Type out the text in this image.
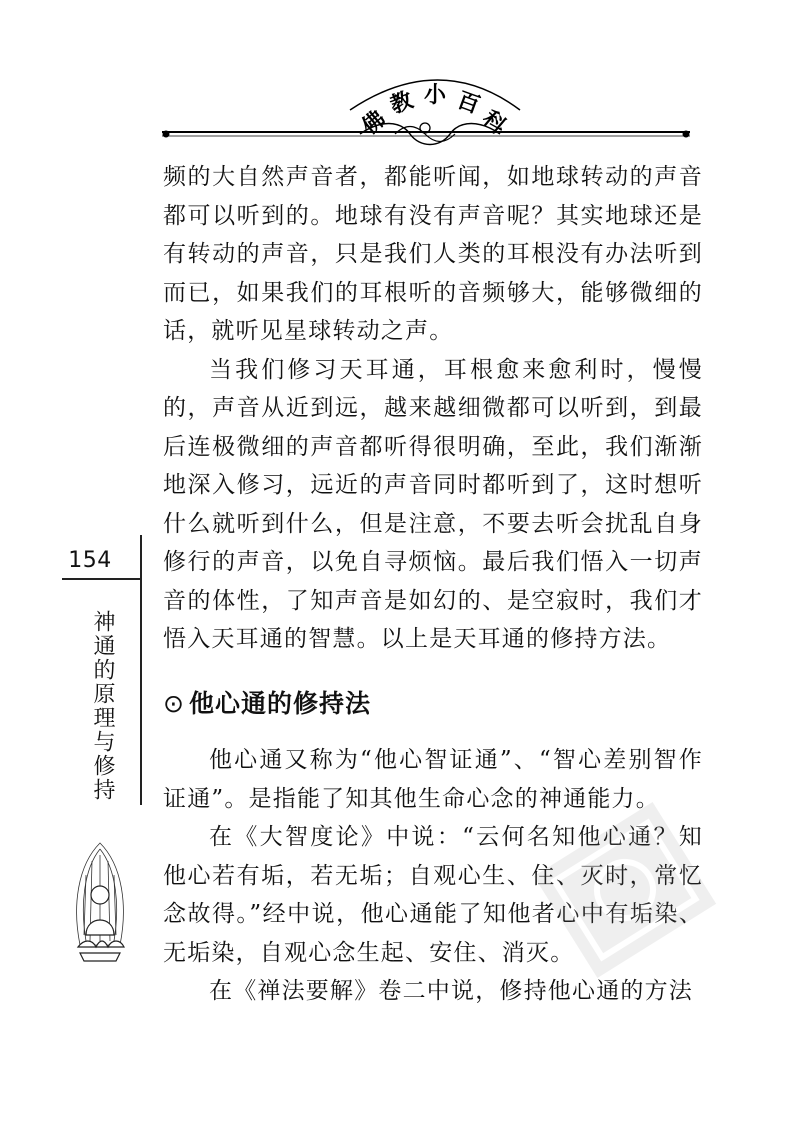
佛
教 小 百
科

频的大自然声音者，都能听闻，如地球转动的声音都可以听到的。地球有没有声音呢？其实地球还是有转动的声音，只是我们人类的耳根没有办法听到而已，如果我们的耳根听的音频够大，能够微细的话，就听见星球转动之声。

当我们修习天耳通，耳根愈来愈利时，慢慢的，声音从近到远，越来越细微都可以听到，到最后连极微细的声音都听得很明确，至此，我们渐渐地深入修习，远近的声音同时都听到了，这时想听什么就听到什么，但是注意，不要去听会扰乱自身修行的声音，以免自寻烦恼。最后我们悟入一切声音的体性，了知声音是如幻的、是空寂时，我们才悟入天耳通的智慧。以上是天耳通的修持方法。

⊙ 他心通的修持法

他心通又称为“他心智证通”、“智心差别智作证通”。是指能了知其他生命心念的神通能力。

在《大智度论》中说：“云何名知他心通？知他心若有垢，若无垢；自观心生、住、灭时，常忆念故得。”经中说，他心通能了知他者心中有垢染、无垢染，自观心念生起、安住、消灭。

在《禅法要解》卷二中说，修持他心通的方法

154
神通的原理与修持
